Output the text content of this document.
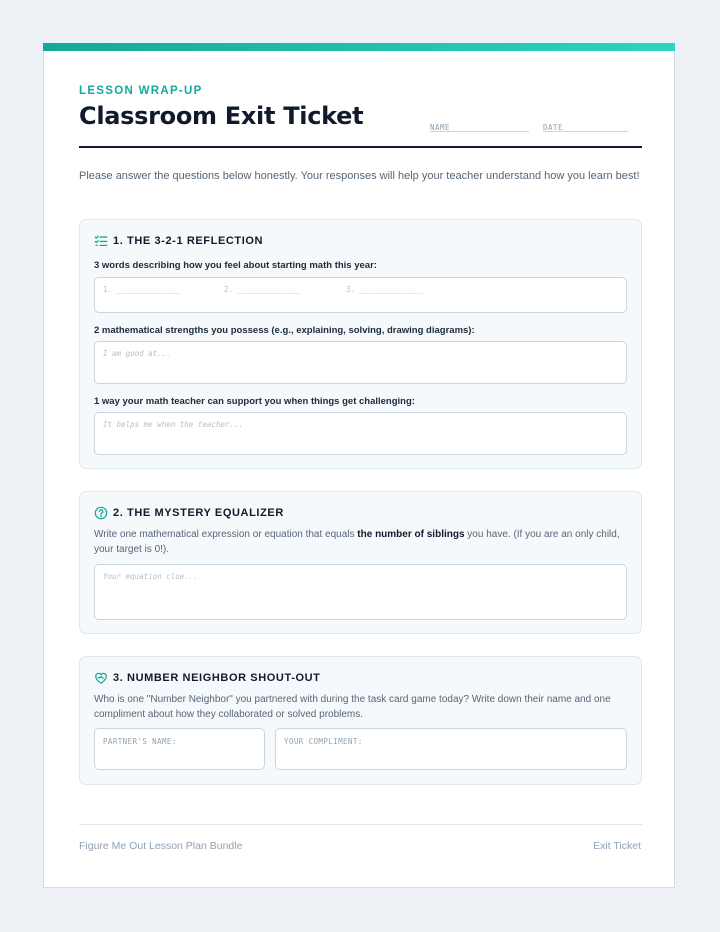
LESSON WRAP-UP
Classroom Exit Ticket	NAME	DATE
Please answer the questions below honestly. Your responses will help your teacher understand how you learn best!
1. THE 3-2-1 REFLECTION
3 words describing how you feel about starting math this year:
1. ______________	2. ______________	3. ______________
2 mathematical strengths you possess (e.g., explaining, solving, drawing diagrams):
I am good at...
1 way your math teacher can support you when things get challenging:
It helps me when the teacher...
2. THE MYSTERY EQUALIZER
Write one mathematical expression or equation that equals the number of siblings you have. (If you are an only child, your target is 0!).
Your equation clue...
3. NUMBER NEIGHBOR SHOUT-OUT
Who is one "Number Neighbor" you partnered with during the task card game today? Write down their name and one compliment about how they collaborated or solved problems.
PARTNER'S NAME:	YOUR COMPLIMENT:
Figure Me Out Lesson Plan Bundle	Exit Ticket
